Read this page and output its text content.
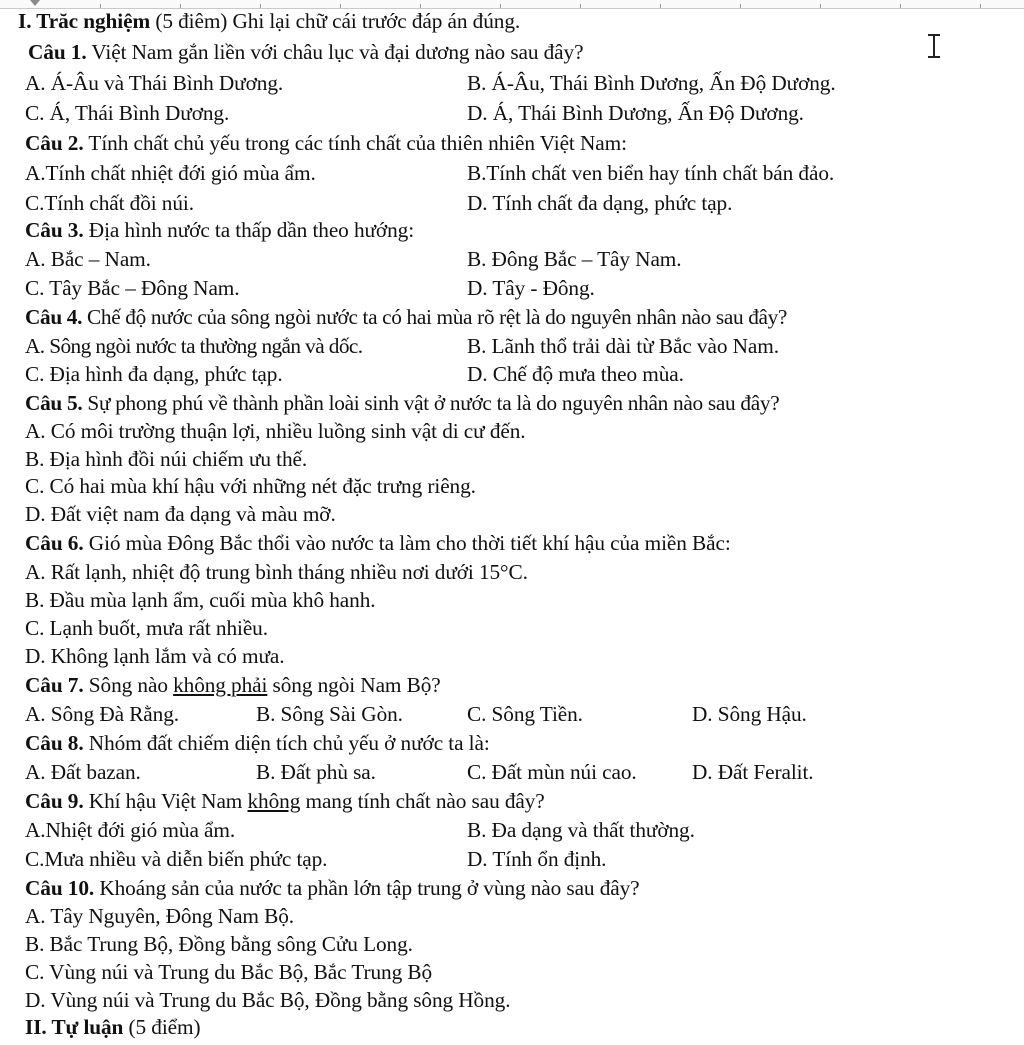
I. Trăc nghiệm (5 điêm) Ghi lại chữ cái trước đáp án đúng.
Câu 1. Việt Nam gắn liền với châu lục và đại dương nào sau đây?
A. Á-Âu và Thái Bình Dương.	B. Á-Âu, Thái Bình Dương, Ấn Độ Dương.
C. Á, Thái Bình Dương.	D. Á, Thái Bình Dương, Ấn Độ Dương.
Câu 2. Tính chất chủ yếu trong các tính chất của thiên nhiên Việt Nam:
A.Tính chất nhiệt đới gió mùa ẩm.	B.Tính chất ven biển hay tính chất bán đảo.
C.Tính chất đồi núi.	D. Tính chất đa dạng, phức tạp.
Câu 3. Địa hình nước ta thấp dần theo hướng:
A. Bắc – Nam.	B. Đông Bắc – Tây Nam.
C. Tây Bắc – Đông Nam.	D. Tây - Đông.
Câu 4. Chế độ nước của sông ngòi nước ta có hai mùa rõ rệt là do nguyên nhân nào sau đây?
A. Sông ngòi nước ta thường ngắn và dốc.	B. Lãnh thổ trải dài từ Bắc vào Nam.
C. Địa hình đa dạng, phức tạp.	D. Chế độ mưa theo mùa.
Câu 5. Sự phong phú về thành phần loài sinh vật ở nước ta là do nguyên nhân nào sau đây?
A. Có môi trường thuận lợi, nhiều luồng sinh vật di cư đến.
B. Địa hình đồi núi chiếm ưu thế.
C. Có hai mùa khí hậu với những nét đặc trưng riêng.
D. Đất việt nam đa dạng và màu mỡ.
Câu 6. Gió mùa Đông Bắc thổi vào nước ta làm cho thời tiết khí hậu của miền Bắc:
A. Rất lạnh, nhiệt độ trung bình tháng nhiều nơi dưới 15°C.
B. Đầu mùa lạnh ẩm, cuối mùa khô hanh.
C. Lạnh buốt, mưa rất nhiều.
D. Không lạnh lắm và có mưa.
Câu 7. Sông nào không phải sông ngòi Nam Bộ?
A. Sông Đà Rằng.	B. Sông Sài Gòn.	C. Sông Tiền.	D. Sông Hậu.
Câu 8. Nhóm đất chiếm diện tích chủ yếu ở nước ta là:
A. Đất bazan.	B. Đất phù sa.	C. Đất mùn núi cao.	D. Đất Feralit.
Câu 9. Khí hậu Việt Nam không mang tính chất nào sau đây?
A.Nhiệt đới gió mùa ẩm.	B. Đa dạng và thất thường.
C.Mưa nhiều và diễn biến phức tạp.	D. Tính ổn định.
Câu 10. Khoáng sản của nước ta phần lớn tập trung ở vùng nào sau đây?
A. Tây Nguyên, Đông Nam Bộ.
B. Bắc Trung Bộ, Đồng bằng sông Cửu Long.
C. Vùng núi và Trung du Bắc Bộ, Bắc Trung Bộ
D. Vùng núi và Trung du Bắc Bộ, Đồng bằng sông Hồng.
II. Tự luận (5 điểm)
